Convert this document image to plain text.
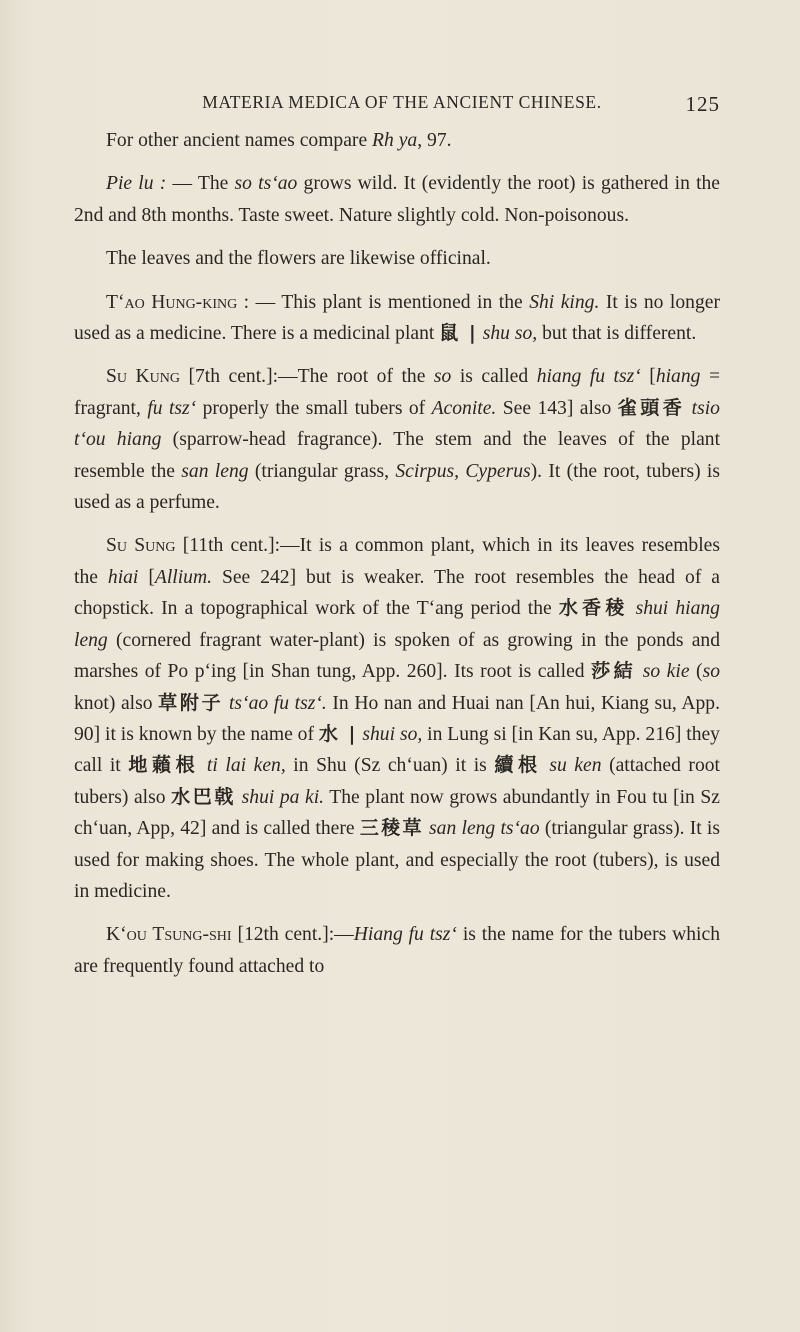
MATERIA MEDICA OF THE ANCIENT CHINESE.	125

For other ancient names compare Rh ya, 97.

Pie lu : — The so ts‘ao grows wild. It (evidently the root) is gathered in the 2nd and 8th months. Taste sweet. Nature slightly cold. Non-poisonous.

The leaves and the flowers are likewise officinal.

T‘ao Hung-king : — This plant is mentioned in the Shi king. It is no longer used as a medicine. There is a medicinal plant 鼠 | shu so, but that is different.

Su Kung [7th cent.]:—The root of the so is called hiang fu tsz‘ [hiang = fragrant, fu tsz‘ properly the small tubers of Aconite. See 143] also 雀頭香 tsio t‘ou hiang (sparrow-head fragrance). The stem and the leaves of the plant resemble the san leng (triangular grass, Scirpus, Cyperus). It (the root, tubers) is used as a perfume.

Su Sung [11th cent.]:—It is a common plant, which in its leaves resembles the hiai [Allium. See 242] but is weaker. The root resembles the head of a chopstick. In a topographical work of the T‘ang period the 水香稜 shui hiang leng (cornered fragrant water-plant) is spoken of as growing in the ponds and marshes of Po p‘ing [in Shan tung, App. 260]. Its root is called 莎結 so kie (so knot) also 草附子 ts‘ao fu tsz‘. In Ho nan and Huai nan [An hui, Kiang su, App. 90] it is known by the name of 水 | shui so, in Lung si [in Kan su, App. 216] they call it 地藾根 ti lai ken, in Shu (Sz ch‘uan) it is 續根 su ken (attached root tubers) also 水巴戟 shui pa ki. The plant now grows abundantly in Fou tu [in Sz ch‘uan, App, 42] and is called there 三稜草 san leng ts‘ao (triangular grass). It is used for making shoes. The whole plant, and especially the root (tubers), is used in medicine.

K‘ou Tsung-shi [12th cent.]:—Hiang fu tsz‘ is the name for the tubers which are frequently found attached to
